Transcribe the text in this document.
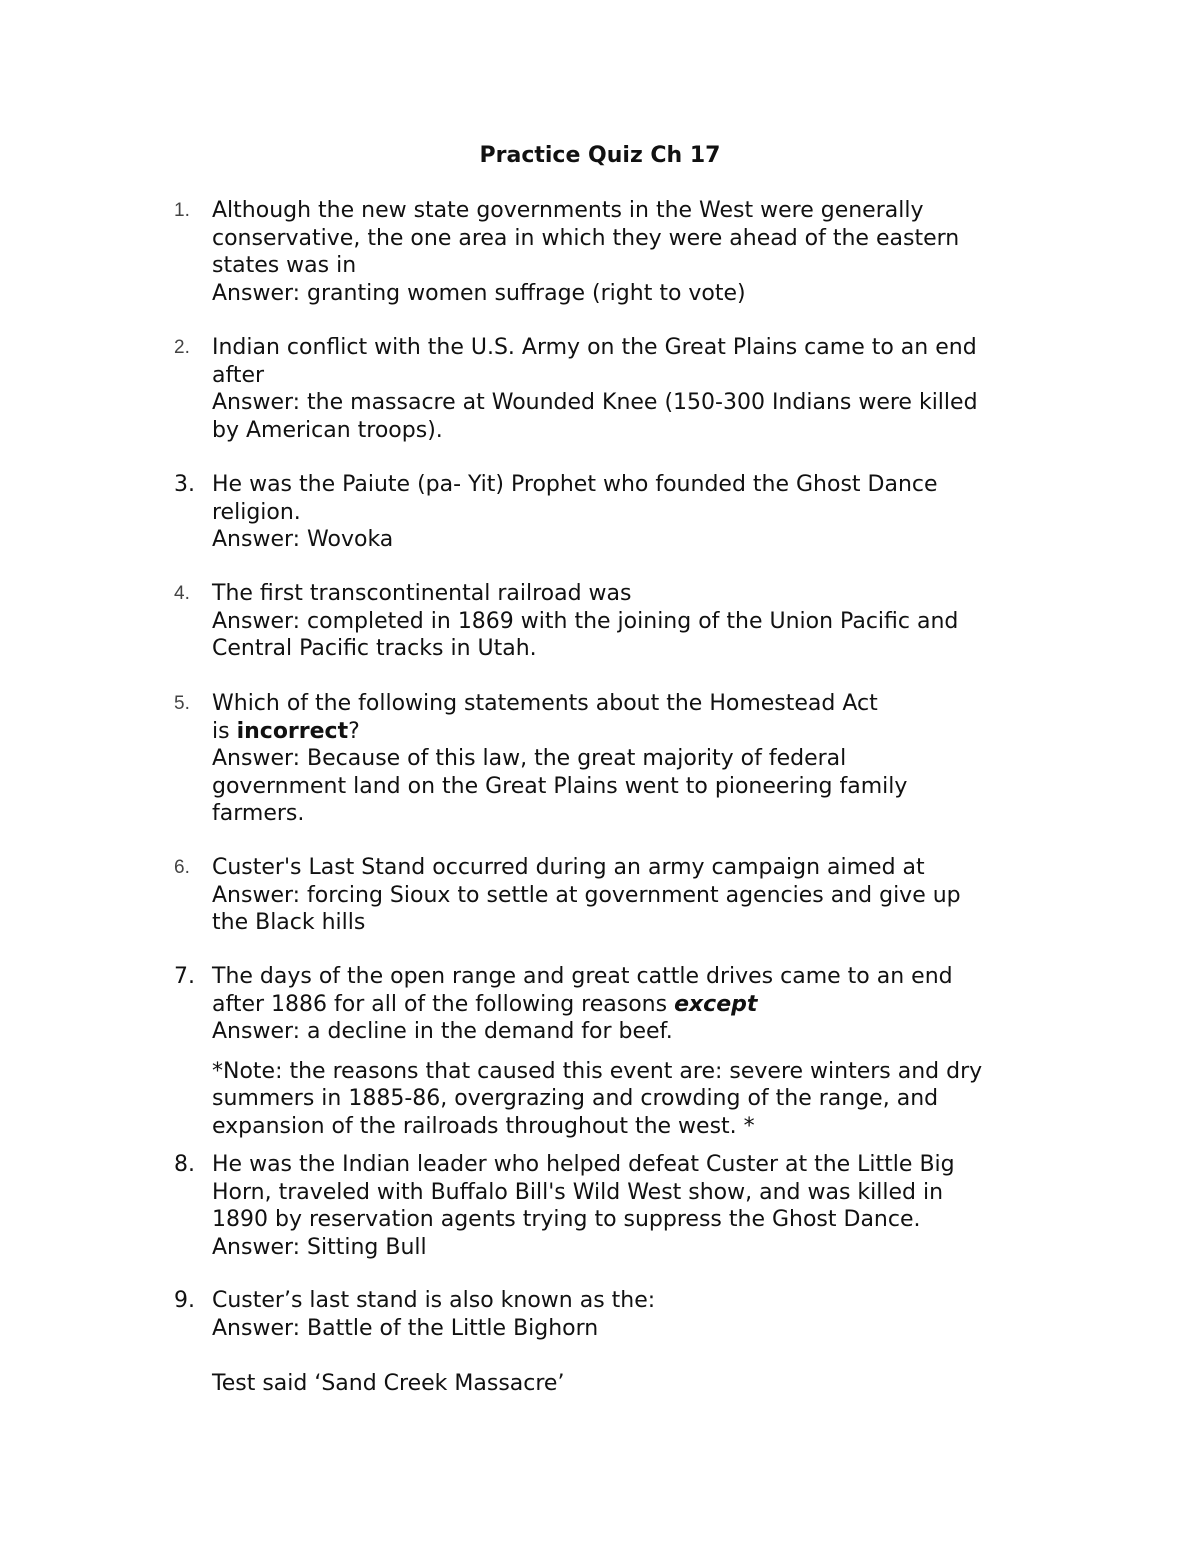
Practice Quiz Ch 17
1.	Although the new state governments in the West were generally
conservative, the one area in which they were ahead of the eastern
states was in
Answer: granting women suffrage (right to vote)
2.	Indian conflict with the U.S. Army on the Great Plains came to an end
after
Answer: the massacre at Wounded Knee (150-300 Indians were killed
by American troops).
3. He was the Paiute (pa- Yit) Prophet who founded the Ghost Dance
religion.
Answer: Wovoka
4.	The first transcontinental railroad was
Answer: completed in 1869 with the joining of the Union Pacific and
Central Pacific tracks in Utah.
5.	Which of the following statements about the Homestead Act
is incorrect?
Answer: Because of this law, the great majority of federal
government land on the Great Plains went to pioneering family
farmers.
6.	Custer's Last Stand occurred during an army campaign aimed at
Answer: forcing Sioux to settle at government agencies and give up
the Black hills
7. The days of the open range and great cattle drives came to an end
after 1886 for all of the following reasons except
Answer: a decline in the demand for beef.
*Note: the reasons that caused this event are: severe winters and dry
summers in 1885-86, overgrazing and crowding of the range, and
expansion of the railroads throughout the west. *
8. He was the Indian leader who helped defeat Custer at the Little Big
Horn, traveled with Buffalo Bill's Wild West show, and was killed in
1890 by reservation agents trying to suppress the Ghost Dance.
Answer: Sitting Bull
9. Custer’s last stand is also known as the:
Answer: Battle of the Little Bighorn
Test said ‘Sand Creek Massacre’
